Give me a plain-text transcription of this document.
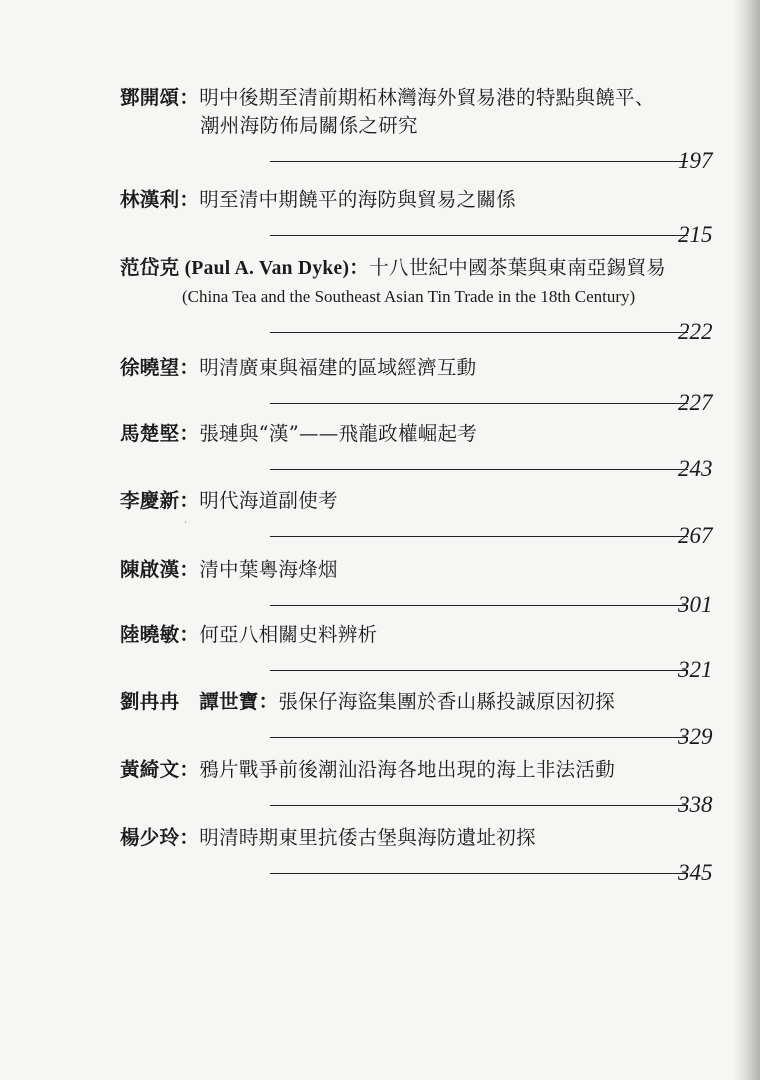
鄧開頌：明中後期至清前期柘林灣海外貿易港的特點與饒平、
潮州海防佈局關係之研究
197
林漢利：明至清中期饒平的海防與貿易之關係
215
范岱克 (Paul A. Van Dyke)：十八世紀中國茶葉與東南亞錫貿易
(China Tea and the Southeast Asian Tin Trade in the 18th Century)
222
徐曉望：明清廣東與福建的區域經濟互動
227
馬楚堅：張璉與“漢”——飛龍政權崛起考
243
李慶新：明代海道副使考
267
陳啟漢：清中葉粵海烽烟
301
陸曉敏：何亞八相關史料辨析
321
劉冉冉　譚世寶：張保仔海盜集團於香山縣投誠原因初探
329
黃綺文：鴉片戰爭前後潮汕沿海各地出現的海上非法活動
338
楊少玲：明清時期東里抗倭古堡與海防遺址初探
345
ˋ
